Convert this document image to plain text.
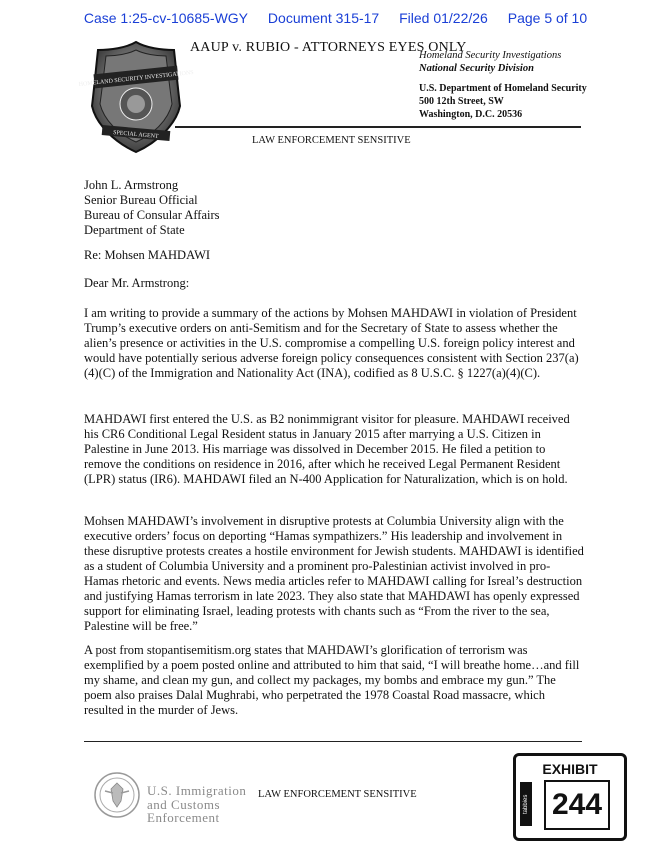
Case 1:25-cv-10685-WGY Document 315-17 Filed 01/22/26 Page 5 of 10
HOMELAND SECURITY INVESTIGATIONS
SPECIAL AGENT
AAUP v. RUBIO - ATTORNEYS EYES ONLY
Homeland Security Investigations
National Security Division
U.S. Department of Homeland Security
500 12th Street, SW
Washington, D.C. 20536
LAW ENFORCEMENT SENSITIVE
John L. Armstrong
Senior Bureau Official
Bureau of Consular Affairs
Department of State
Re: Mohsen MAHDAWI
Dear Mr. Armstrong:
I am writing to provide a summary of the actions by Mohsen MAHDAWI in violation of President Trump’s executive orders on anti-Semitism and for the Secretary of State to assess whether the alien’s presence or activities in the U.S. compromise a compelling U.S. foreign policy interest and would have potentially serious adverse foreign policy consequences consistent with Section 237(a)(4)(C) of the Immigration and Nationality Act (INA), codified as 8 U.S.C. § 1227(a)(4)(C).
MAHDAWI first entered the U.S. as B2 nonimmigrant visitor for pleasure. MAHDAWI received his CR6 Conditional Legal Resident status in January 2015 after marrying a U.S. Citizen in Palestine in June 2013. His marriage was dissolved in December 2015. He filed a petition to remove the conditions on residence in 2016, after which he received Legal Permanent Resident (LPR) status (IR6). MAHDAWI filed an N-400 Application for Naturalization, which is on hold.
Mohsen MAHDAWI’s involvement in disruptive protests at Columbia University align with the executive orders’ focus on deporting “Hamas sympathizers.” His leadership and involvement in these disruptive protests creates a hostile environment for Jewish students. MAHDAWI is identified as a student of Columbia University and a prominent pro-Palestinian activist involved in pro-Hamas rhetoric and events. News media articles refer to MAHDAWI calling for Isreal’s destruction and justifying Hamas terrorism in late 2023. They also state that MAHDAWI has openly expressed support for eliminating Israel, leading protests with chants such as “From the river to the sea, Palestine will be free.”
A post from stopantisemitism.org states that MAHDAWI’s glorification of terrorism was exemplified by a poem posted online and attributed to him that said, “I will breathe home…and fill my shame, and clean my gun, and collect my packages, my bombs and embrace my gun.” The poem also praises Dalal Mughrabi, who perpetrated the 1978 Coastal Road massacre, which resulted in the murder of Jews.
U.S. Immigration
and Customs
Enforcement
LAW ENFORCEMENT SENSITIVE
EXHIBIT
tabbies 244
